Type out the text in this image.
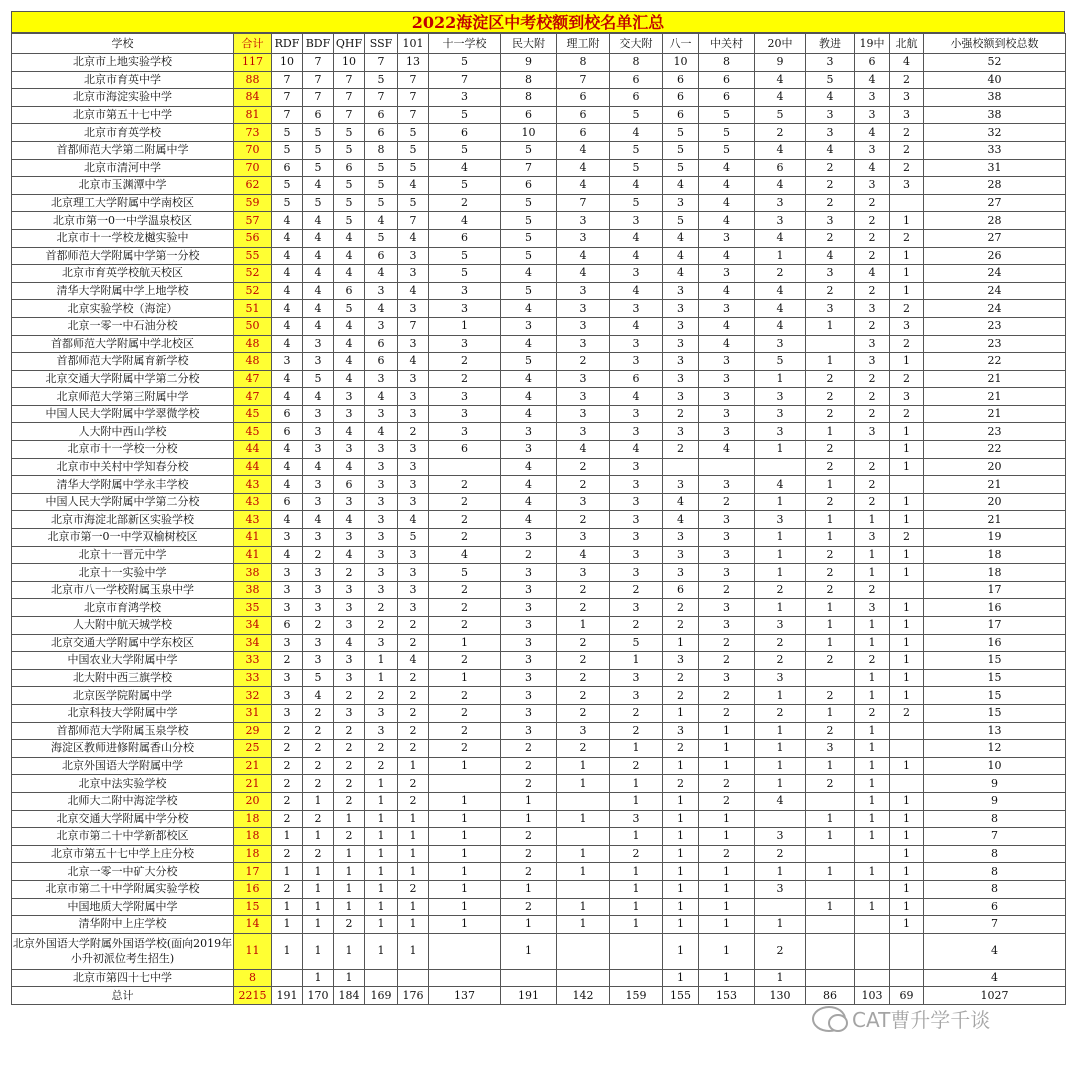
2022海淀区中考校额到校名单汇总
学校	合计	RDF	BDF	QHF	SSF	101	十一学校	民大附	理工附	交大附	八一	中关村	20中	教进	19中	北航	小强校额到校总数
北京市上地实验学校	117	10	7	10	7	13	5	9	8	8	10	8	9	3	6	4	52
北京市育英中学	88	7	7	7	5	7	7	8	7	6	6	6	4	5	4	2	40
北京市海淀实验中学	84	7	7	7	7	7	3	8	6	6	6	6	4	4	3	3	38
北京市第五十七中学	81	7	6	7	6	7	5	6	6	5	6	5	5	3	3	3	38
北京市育英学校	73	5	5	5	6	5	6	10	6	4	5	5	2	3	4	2	32
首都师范大学第二附属中学	70	5	5	5	8	5	5	5	4	5	5	5	4	4	3	2	33
北京市清河中学	70	6	5	6	5	5	4	7	4	5	5	4	6	2	4	2	31
北京市玉渊潭中学	62	5	4	5	5	4	5	6	4	4	4	4	4	2	3	3	28
北京理工大学附属中学南校区	59	5	5	5	5	5	2	5	7	5	3	4	3	2	2		27
北京市第一0一中学温泉校区	57	4	4	5	4	7	4	5	3	3	5	4	3	3	2	1	28
北京市十一学校龙樾实验中	56	4	4	4	5	4	6	5	3	4	4	3	4	2	2	2	27
首都师范大学附属中学第一分校	55	4	4	4	6	3	5	5	4	4	4	4	1	4	2	1	26
北京市育英学校航天校区	52	4	4	4	4	3	5	4	4	3	4	3	2	3	4	1	24
清华大学附属中学上地学校	52	4	4	6	3	4	3	5	3	4	3	4	4	2	2	1	24
北京实验学校（海淀）	51	4	4	5	4	3	3	4	3	3	3	3	4	3	3	2	24
北京一零一中石油分校	50	4	4	4	3	7	1	3	3	4	3	4	4	1	2	3	23
首都师范大学附属中学北校区	48	4	3	4	6	3	3	4	3	3	3	4	3		3	2	23
首都师范大学附属育新学校	48	3	3	4	6	4	2	5	2	3	3	3	5	1	3	1	22
北京交通大学附属中学第二分校	47	4	5	4	3	3	2	4	3	6	3	3	1	2	2	2	21
北京师范大学第三附属中学	47	4	4	3	4	3	3	4	3	4	3	3	3	2	2	3	21
中国人民大学附属中学翠微学校	45	6	3	3	3	3	3	4	3	3	2	3	3	2	2	2	21
人大附中西山学校	45	6	3	4	4	2	3	3	3	3	3	3	3	1	3	1	23
北京市十一学校一分校	44	4	3	3	3	3	6	3	4	4	2	4	1	2		1	22
北京市中关村中学知春分校	44	4	4	4	3	3		4	2	3				2	2	1	20
清华大学附属中学永丰学校	43	4	3	6	3	3	2	4	2	3	3	3	4	1	2		21
中国人民大学附属中学第二分校	43	6	3	3	3	3	2	4	3	3	4	2	1	2	2	1	20
北京市海淀北部新区实验学校	43	4	4	4	3	4	2	4	2	3	4	3	3	1	1	1	21
北京市第一0一中学双榆树校区	41	3	3	3	3	5	2	3	3	3	3	3	1	1	3	2	19
北京十一晋元中学	41	4	2	4	3	3	4	2	4	3	3	3	1	2	1	1	18
北京十一实验中学	38	3	3	2	3	3	5	3	3	3	3	3	1	2	1	1	18
北京市八一学校附属玉泉中学	38	3	3	3	3	3	2	3	2	2	6	2	2	2	2		17
北京市育鸿学校	35	3	3	3	2	3	2	3	2	3	2	3	1	1	3	1	16
人大附中航天城学校	34	6	2	3	2	2	2	3	1	2	2	3	3	1	1	1	17
北京交通大学附属中学东校区	34	3	3	4	3	2	1	3	2	5	1	2	2	1	1	1	16
中国农业大学附属中学	33	2	3	3	1	4	2	3	2	1	3	2	2	2	2	1	15
北大附中西三旗学校	33	3	5	3	1	2	1	3	2	3	2	3	3		1	1	15
北京医学院附属中学	32	3	4	2	2	2	2	3	2	3	2	2	1	2	1	1	15
北京科技大学附属中学	31	3	2	3	3	2	2	3	2	2	1	2	2	1	2	2	15
首都师范大学附属玉泉学校	29	2	2	2	3	2	2	3	3	2	3	1	1	2	1		13
海淀区教师进修附属香山分校	25	2	2	2	2	2	2	2	2	1	2	1	1	3	1		12
北京外国语大学附属中学	21	2	2	2	2	1	1	2	1	2	1	1	1	1	1	1	10
北京中法实验学校	21	2	2	2	1	2		2	1	1	2	2	1	2	1		9
北师大二附中海淀学校	20	2	1	2	1	2	1	1		1	1	2	4		1	1	9
北京交通大学附属中学分校	18	2	2	1	1	1	1	1	1	3	1	1		1	1	1	8
北京市第二十中学新都校区	18	1	1	2	1	1	1	2		1	1	1	3	1	1	1	7
北京市第五十七中学上庄分校	18	2	2	1	1	1	1	2	1	2	1	2	2			1	8
北京一零一中矿大分校	17	1	1	1	1	1	1	2	1	1	1	1	1	1	1	1	8
北京市第二十中学附属实验学校	16	2	1	1	1	2	1	1		1	1	1	3			1	8
中国地质大学附属中学	15	1	1	1	1	1	1	2	1	1	1	1		1	1	1	6
清华附中上庄学校	14	1	1	2	1	1	1	1	1	1	1	1	1			1	7
北京外国语大学附属外国语学校(面向2019年小升初派位考生招生)	11	1	1	1	1	1		1			1	1	2				4
北京市第四十七中学	8		1	1							1	1	1				4
总计	2215	191	170	184	169	176	137	191	142	159	155	153	130	86	103	69	1027
CAT曹升学千谈
